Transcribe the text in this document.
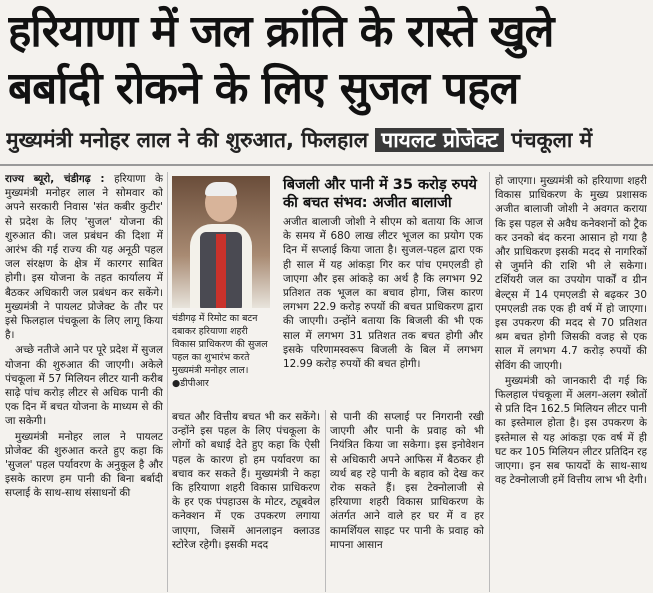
हरियाणा में जल क्रांति के रास्ते खुले
बर्बादी रोकने के लिए सुजल पहल
मुख्यमंत्री मनोहर लाल ने की शुरुआत, फिलहाल पायलट प्रोजेक्ट पंचकूला में

राज्य ब्यूरो, चंडीगढ़ : हरियाणा के मुख्यमंत्री मनोहर लाल ने सोमवार को अपने सरकारी निवास 'संत कबीर कुटीर' से प्रदेश के लिए 'सुजल' योजना की शुरुआत की। जल प्रबंधन की दिशा में आरंभ की गई राज्य की यह अनूठी पहल जल संरक्षण के क्षेत्र में कारगर साबित होगी। इस योजना के तहत कार्यालय में बैठकर अधिकारी जल प्रबंधन कर सकेंगे। मुख्यमंत्री ने पायलट प्रोजेक्ट के तौर पर इसे फिलहाल पंचकूला के लिए लागू किया है।

अच्छे नतीजे आने पर पूरे प्रदेश में सुजल योजना की शुरुआत की जाएगी। अकेले पंचकूला में 57 मिलियन लीटर यानी करीब साढ़े पांच करोड़ लीटर से अधिक पानी की एक दिन में बचत योजना के माध्यम से की जा सकेगी।

मुख्यमंत्री मनोहर लाल ने पायलट प्रोजेक्ट की शुरुआत करते हुए कहा कि 'सुजल' पहल पर्यावरण के अनुकूल है और इसके कारण हम पानी की बिना बर्बादी सप्लाई के साथ-साथ संसाधनों की

चंडीगढ़ में रिमोट का बटन दबाकर हरियाणा शहरी विकास प्राधिकरण की सुजल पहल का शुभारंभ करते मुख्यमंत्री मनोहर लाल। ●डीपीआर
बिजली और पानी में 35 करोड़ रुपये की बचत संभव: अजीत बालाजी

अजीत बालाजी जोशी ने सीएम को बताया कि आज के समय में 680 लाख लीटर भूजल का प्रयोग एक दिन में सप्लाई किया जाता है। सुजल-पहल द्वारा एक ही साल में यह आंकड़ा गिर कर पांच एमएलडी हो जाएगा और इस आंकड़े का अर्थ है कि लगभग 92 प्रतिशत तक भूजल का बचाव होगा, जिस कारण लगभग 22.9 करोड़ रुपयों की बचत प्राधिकरण द्वारा की जाएगी। उन्होंने बताया कि बिजली की भी एक साल में लगभग 31 प्रतिशत तक बचत होगी और इसके परिणामस्वरूप बिजली के बिल में लगभग 12.99 करोड़ रुपयों की बचत होगी।

बचत और वित्तीय बचत भी कर सकेंगे। उन्होंने इस पहल के लिए पंचकूला के लोगों को बधाई देते हुए कहा कि ऐसी पहल के कारण हो हम पर्यावरण का बचाव कर सकते हैं। मुख्यमंत्री ने कहा कि हरियाणा शहरी विकास प्राधिकरण के हर एक पंपहाउस के मोटर, ट्यूबवेल कनेक्शन में एक उपकरण लगाया जाएगा, जिसमें आनलाइन क्लाउड स्टोरेज रहेगी। इसकी मदद

से पानी की सप्लाई पर निगरानी रखी जाएगी और पानी के प्रवाह को भी नियंत्रित किया जा सकेगा। इस इनोवेशन से अधिकारी अपने आफिस में बैठकर ही व्यर्थ बह रहे पानी के बहाव को देख कर रोक सकते हैं। इस टेक्नोलाजी से हरियाणा शहरी विकास प्राधिकरण के अंतर्गत आने वाले हर घर में व हर कामर्शियल साइट पर पानी के प्रवाह को मापना आसान

हो जाएगा। मुख्यमंत्री को हरियाणा शहरी विकास प्राधिकरण के मुख्य प्रशासक अजीत बालाजी जोशी ने अवगत कराया कि इस पहल से अवैध कनेक्शनों को ट्रैक कर उनको बंद करना आसान हो गया है और प्राधिकरण इसकी मदद से नागरिकों से जुर्माने की राशि भी ले सकेगा। टर्शियरी जल का उपयोग पार्कों व ग्रीन बेल्ट्स में 14 एमएलडी से बढ़कर 30 एमएलडी तक एक ही वर्ष में हो जाएगा। इस उपकरण की मदद से 70 प्रतिशत श्रम बचत होगी जिसकी वजह से एक साल में लगभग 4.7 करोड़ रुपयों की सेविंग की जाएगी।

मुख्यमंत्री को जानकारी दी गई कि फिलहाल पंचकूला में अलग-अलग स्त्रोतों से प्रति दिन 162.5 मिलियन लीटर पानी का इस्तेमाल होता है। इस उपकरण के इस्तेमाल से यह आंकड़ा एक वर्ष में ही घट कर 105 मिलियन लीटर प्रतिदिन रह जाएगा। इन सब फायदों के साथ-साथ वह टेक्नोलाजी हमें वित्तीय लाभ भी देगी।
